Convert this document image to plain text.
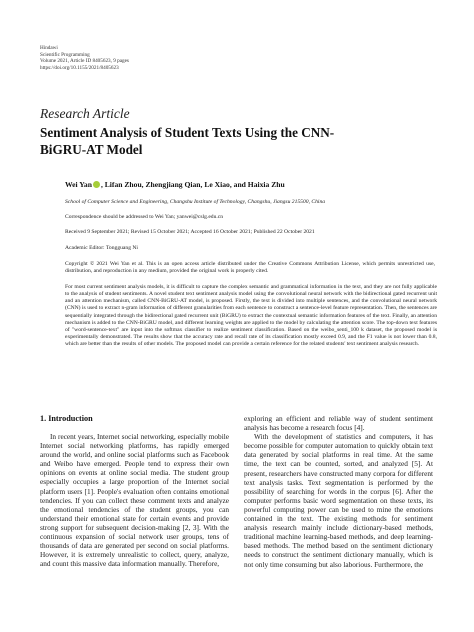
Hindawi
Scientific Programming
Volume 2021, Article ID 8405623, 9 pages
https://doi.org/10.1155/2021/8405623
Research Article
Sentiment Analysis of Student Texts Using the CNN-BiGRU-AT Model
Wei Yan , Lifan Zhou, Zhengjiang Qian, Le Xiao, and Haixia Zhu
School of Computer Science and Engineering, Changshu Institute of Technology, Changshu, Jiangsu 215500, China
Correspondence should be addressed to Wei Yan; yanwei@cslg.edu.cn
Received 9 September 2021; Revised 15 October 2021; Accepted 16 October 2021; Published 22 October 2021
Academic Editor: Tongguang Ni
Copyright © 2021 Wei Yan et al. This is an open access article distributed under the Creative Commons Attribution License, which permits unrestricted use, distribution, and reproduction in any medium, provided the original work is properly cited.
For most current sentiment analysis models, it is difficult to capture the complex semantic and grammatical information in the text, and they are not fully applicable to the analysis of student sentiments. A novel student text sentiment analysis model using the convolutional neural network with the bidirectional gated recurrent unit and an attention mechanism, called CNN-BiGRU-AT model, is proposed. Firstly, the text is divided into multiple sentences, and the convolutional neural network (CNN) is used to extract n-gram information of different granularities from each sentence to construct a sentence-level feature representation. Then, the sentences are sequentially integrated through the bidirectional gated recurrent unit (BiGRU) to extract the contextual semantic information features of the text. Finally, an attention mechanism is added to the CNN-BiGRU model, and different learning weights are applied to the model by calculating the attention score. The top-down text features of "word-sentence-text" are input into the softmax classifier to realize sentiment classification. Based on the weibo_senti_100 k dataset, the proposed model is experimentally demonstrated. The results show that the accuracy rate and recall rate of its classification mostly exceed 0.9, and the F1 value is not lower than 0.8, which are better than the results of other models. The proposed model can provide a certain reference for the related students' text sentiment analysis research.
1. Introduction

In recent years, Internet social networking, especially mobile Internet social networking platforms, has rapidly emerged around the world, and online social platforms such as Facebook and Weibo have emerged. People tend to express their own opinions on events at online social media. The student group especially occupies a large proportion of the Internet social platform users [1]. People's evaluation often contains emotional tendencies. If you can collect these comment texts and analyze the emotional tendencies of the student groups, you can understand their emotional state for certain events and provide strong support for subsequent decision-making [2, 3]. With the continuous expansion of social network user groups, tens of thousands of data are generated per second on social platforms. However, it is extremely unrealistic to collect, query, analyze, and count this massive data information manually. Therefore,

exploring an efficient and reliable way of student sentiment analysis has become a research focus [4].

With the development of statistics and computers, it has become possible for computer automation to quickly obtain text data generated by social platforms in real time. At the same time, the text can be counted, sorted, and analyzed [5]. At present, researchers have constructed many corpora for different text analysis tasks. Text segmentation is performed by the possibility of searching for words in the corpus [6]. After the computer performs basic word segmentation on these texts, its powerful computing power can be used to mine the emotions contained in the text. The existing methods for sentiment analysis research mainly include dictionary-based methods, traditional machine learning-based methods, and deep learning-based methods. The method based on the sentiment dictionary needs to construct the sentiment dictionary manually, which is not only time consuming but also laborious. Furthermore, the
